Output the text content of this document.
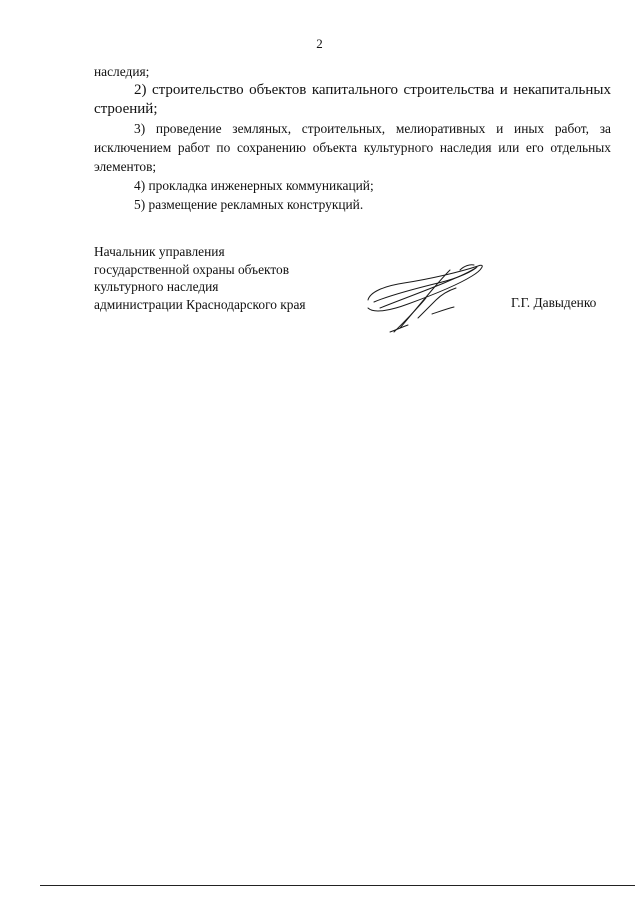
2

наследия;

2) строительство объектов капитального строительства и некапитальных строений;

3) проведение земляных, строительных, мелиоративных и иных работ, за исключением работ по сохранению объекта культурного наследия или его отдельных элементов;

4) прокладка инженерных коммуникаций;

5) размещение рекламных конструкций.

Начальник управления
государственной охраны объектов
культурного наследия
администрации Краснодарского края	Г.Г. Давыденко
